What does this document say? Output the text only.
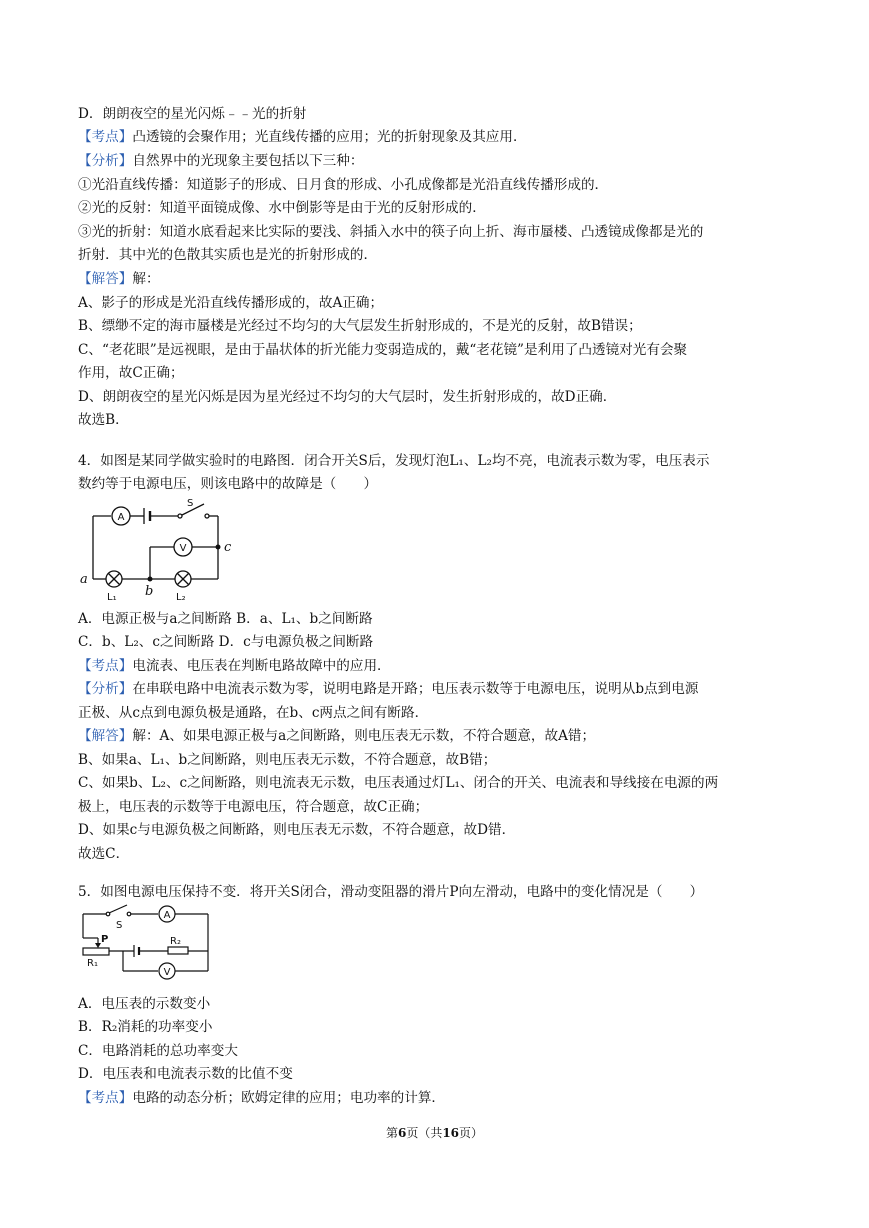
D．朗朗夜空的星光闪烁﹣﹣光的折射
【考点】凸透镜的会聚作用；光直线传播的应用；光的折射现象及其应用．
【分析】自然界中的光现象主要包括以下三种：
①光沿直线传播：知道影子的形成、日月食的形成、小孔成像都是光沿直线传播形成的．
②光的反射：知道平面镜成像、水中倒影等是由于光的反射形成的．
③光的折射：知道水底看起来比实际的要浅、斜插入水中的筷子向上折、海市蜃楼、凸透镜成像都是光的
折射．其中光的色散其实质也是光的折射形成的．
【解答】解：
A、影子的形成是光沿直线传播形成的，故A正确；
B、缥缈不定的海市蜃楼是光经过不均匀的大气层发生折射形成的，不是光的反射，故B错误；
C、“老花眼”是远视眼，是由于晶状体的折光能力变弱造成的，戴“老花镜”是利用了凸透镜对光有会聚
作用，故C正确；
D、朗朗夜空的星光闪烁是因为星光经过不均匀的大气层时，发生折射形成的，故D正确．
故选B．
4．如图是某同学做实验时的电路图．闭合开关S后，发现灯泡L₁、L₂均不亮，电流表示数为零，电压表示
数约等于电源电压，则该电路中的故障是（　　）
A
V
S
a
b
c
L₁	L₂
A．电源正极与a之间断路 B．a、L₁、b之间断路
C．b、L₂、c之间断路 D．c与电源负极之间断路
【考点】电流表、电压表在判断电路故障中的应用．
【分析】在串联电路中电流表示数为零，说明电路是开路；电压表示数等于电源电压，说明从b点到电源
正极、从c点到电源负极是通路，在b、c两点之间有断路．
【解答】解：A、如果电源正极与a之间断路，则电压表无示数，不符合题意，故A错；
B、如果a、L₁、b之间断路，则电压表无示数，不符合题意，故B错；
C、如果b、L₂、c之间断路，则电流表无示数，电压表通过灯L₁、闭合的开关、电流表和导线接在电源的两
极上，电压表的示数等于电源电压，符合题意，故C正确；
D、如果c与电源负极之间断路，则电压表无示数，不符合题意，故D错．
故选C．
5．如图电源电压保持不变．将开关S闭合，滑动变阻器的滑片P向左滑动，电路中的变化情况是（　　）
A
V
S
P
R₁
R₂
A．电压表的示数变小
B．R₂消耗的功率变小
C．电路消耗的总功率变大
D．电压表和电流表示数的比值不变
【考点】电路的动态分析；欧姆定律的应用；电功率的计算．
第6页（共16页）
